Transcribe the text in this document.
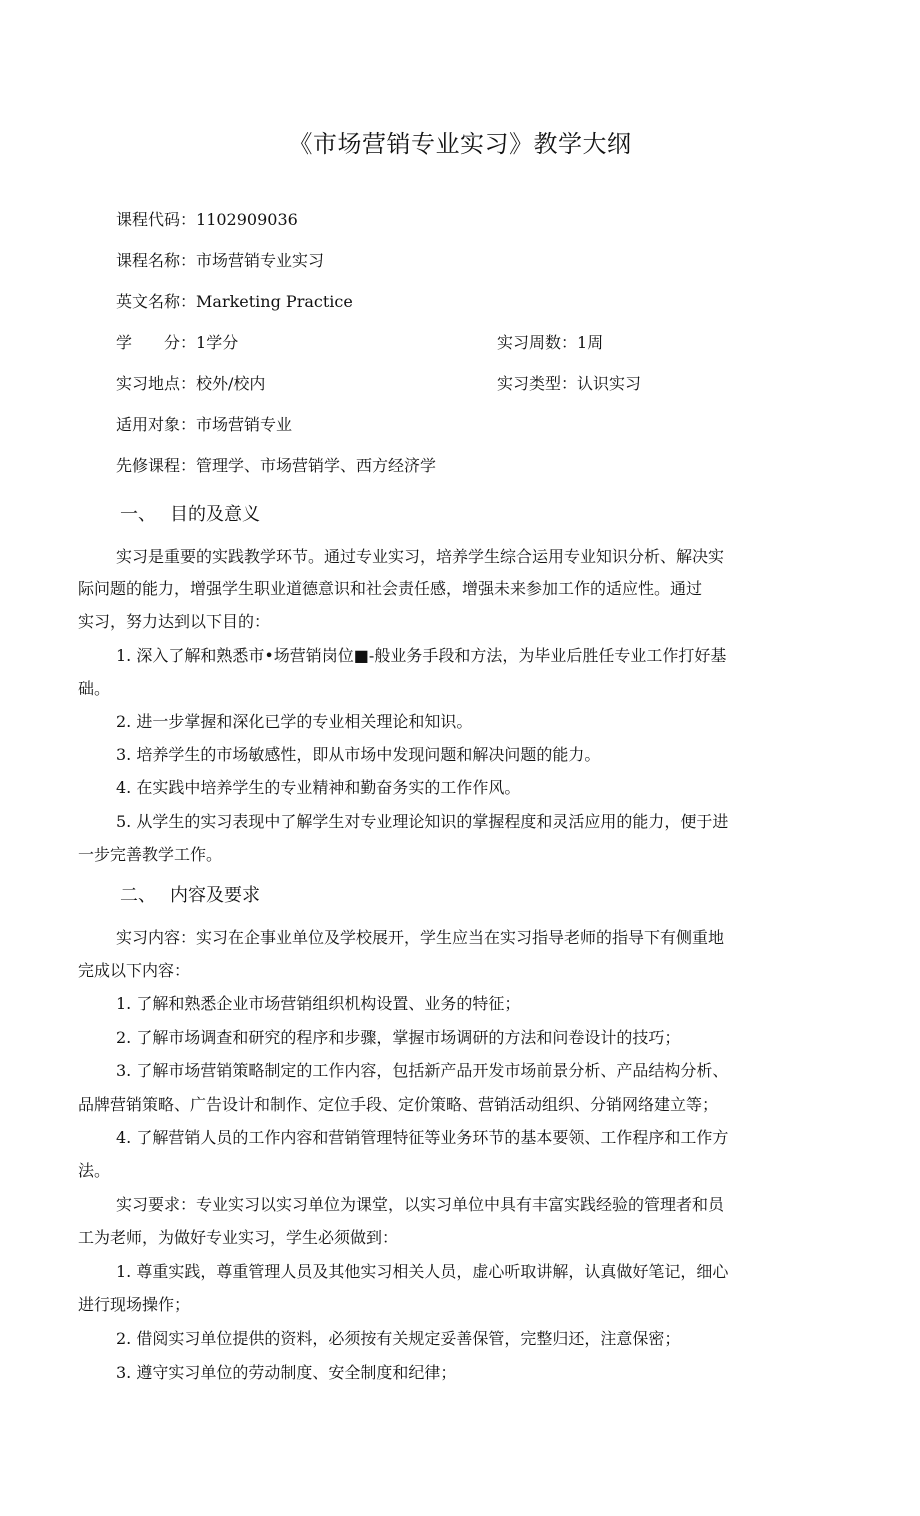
《市场营销专业实习》教学大纲
课程代码：1102909036
课程名称：市场营销专业实习
英文名称：Marketing Practice
学　　分：1学分	实习周数：1周
实习地点：校外/校内	实习类型：认识实习
适用对象：市场营销专业
先修课程：管理学、市场营销学、西方经济学
一、 目的及意义
实习是重要的实践教学环节。通过专业实习，培养学生综合运用专业知识分析、解决实
际问题的能力，增强学生职业道德意识和社会责任感，增强未来参加工作的适应性。通过
实习，努力达到以下目的：
1. 深入了解和熟悉市•场营销岗位■-般业务手段和方法，为毕业后胜任专业工作打好基
础。
2. 进一步掌握和深化已学的专业相关理论和知识。
3. 培养学生的市场敏感性，即从市场中发现问题和解决问题的能力。
4. 在实践中培养学生的专业精神和勤奋务实的工作作风。
5. 从学生的实习表现中了解学生对专业理论知识的掌握程度和灵活应用的能力，便于进
一步完善教学工作。
二、 内容及要求
实习内容：实习在企事业单位及学校展开，学生应当在实习指导老师的指导下有侧重地
完成以下内容：
1. 了解和熟悉企业市场营销组织机构设置、业务的特征；
2. 了解市场调查和研究的程序和步骤，掌握市场调研的方法和问卷设计的技巧；
3. 了解市场营销策略制定的工作内容，包括新产品开发市场前景分析、产品结构分析、
品牌营销策略、广告设计和制作、定位手段、定价策略、营销活动组织、分销网络建立等；
4. 了解营销人员的工作内容和营销管理特征等业务环节的基本要领、工作程序和工作方
法。
实习要求：专业实习以实习单位为课堂，以实习单位中具有丰富实践经验的管理者和员
工为老师，为做好专业实习，学生必须做到：
1. 尊重实践，尊重管理人员及其他实习相关人员，虚心听取讲解，认真做好笔记，细心
进行现场操作；
2. 借阅实习单位提供的资料，必须按有关规定妥善保管，完整归还，注意保密；
3. 遵守实习单位的劳动制度、安全制度和纪律；
